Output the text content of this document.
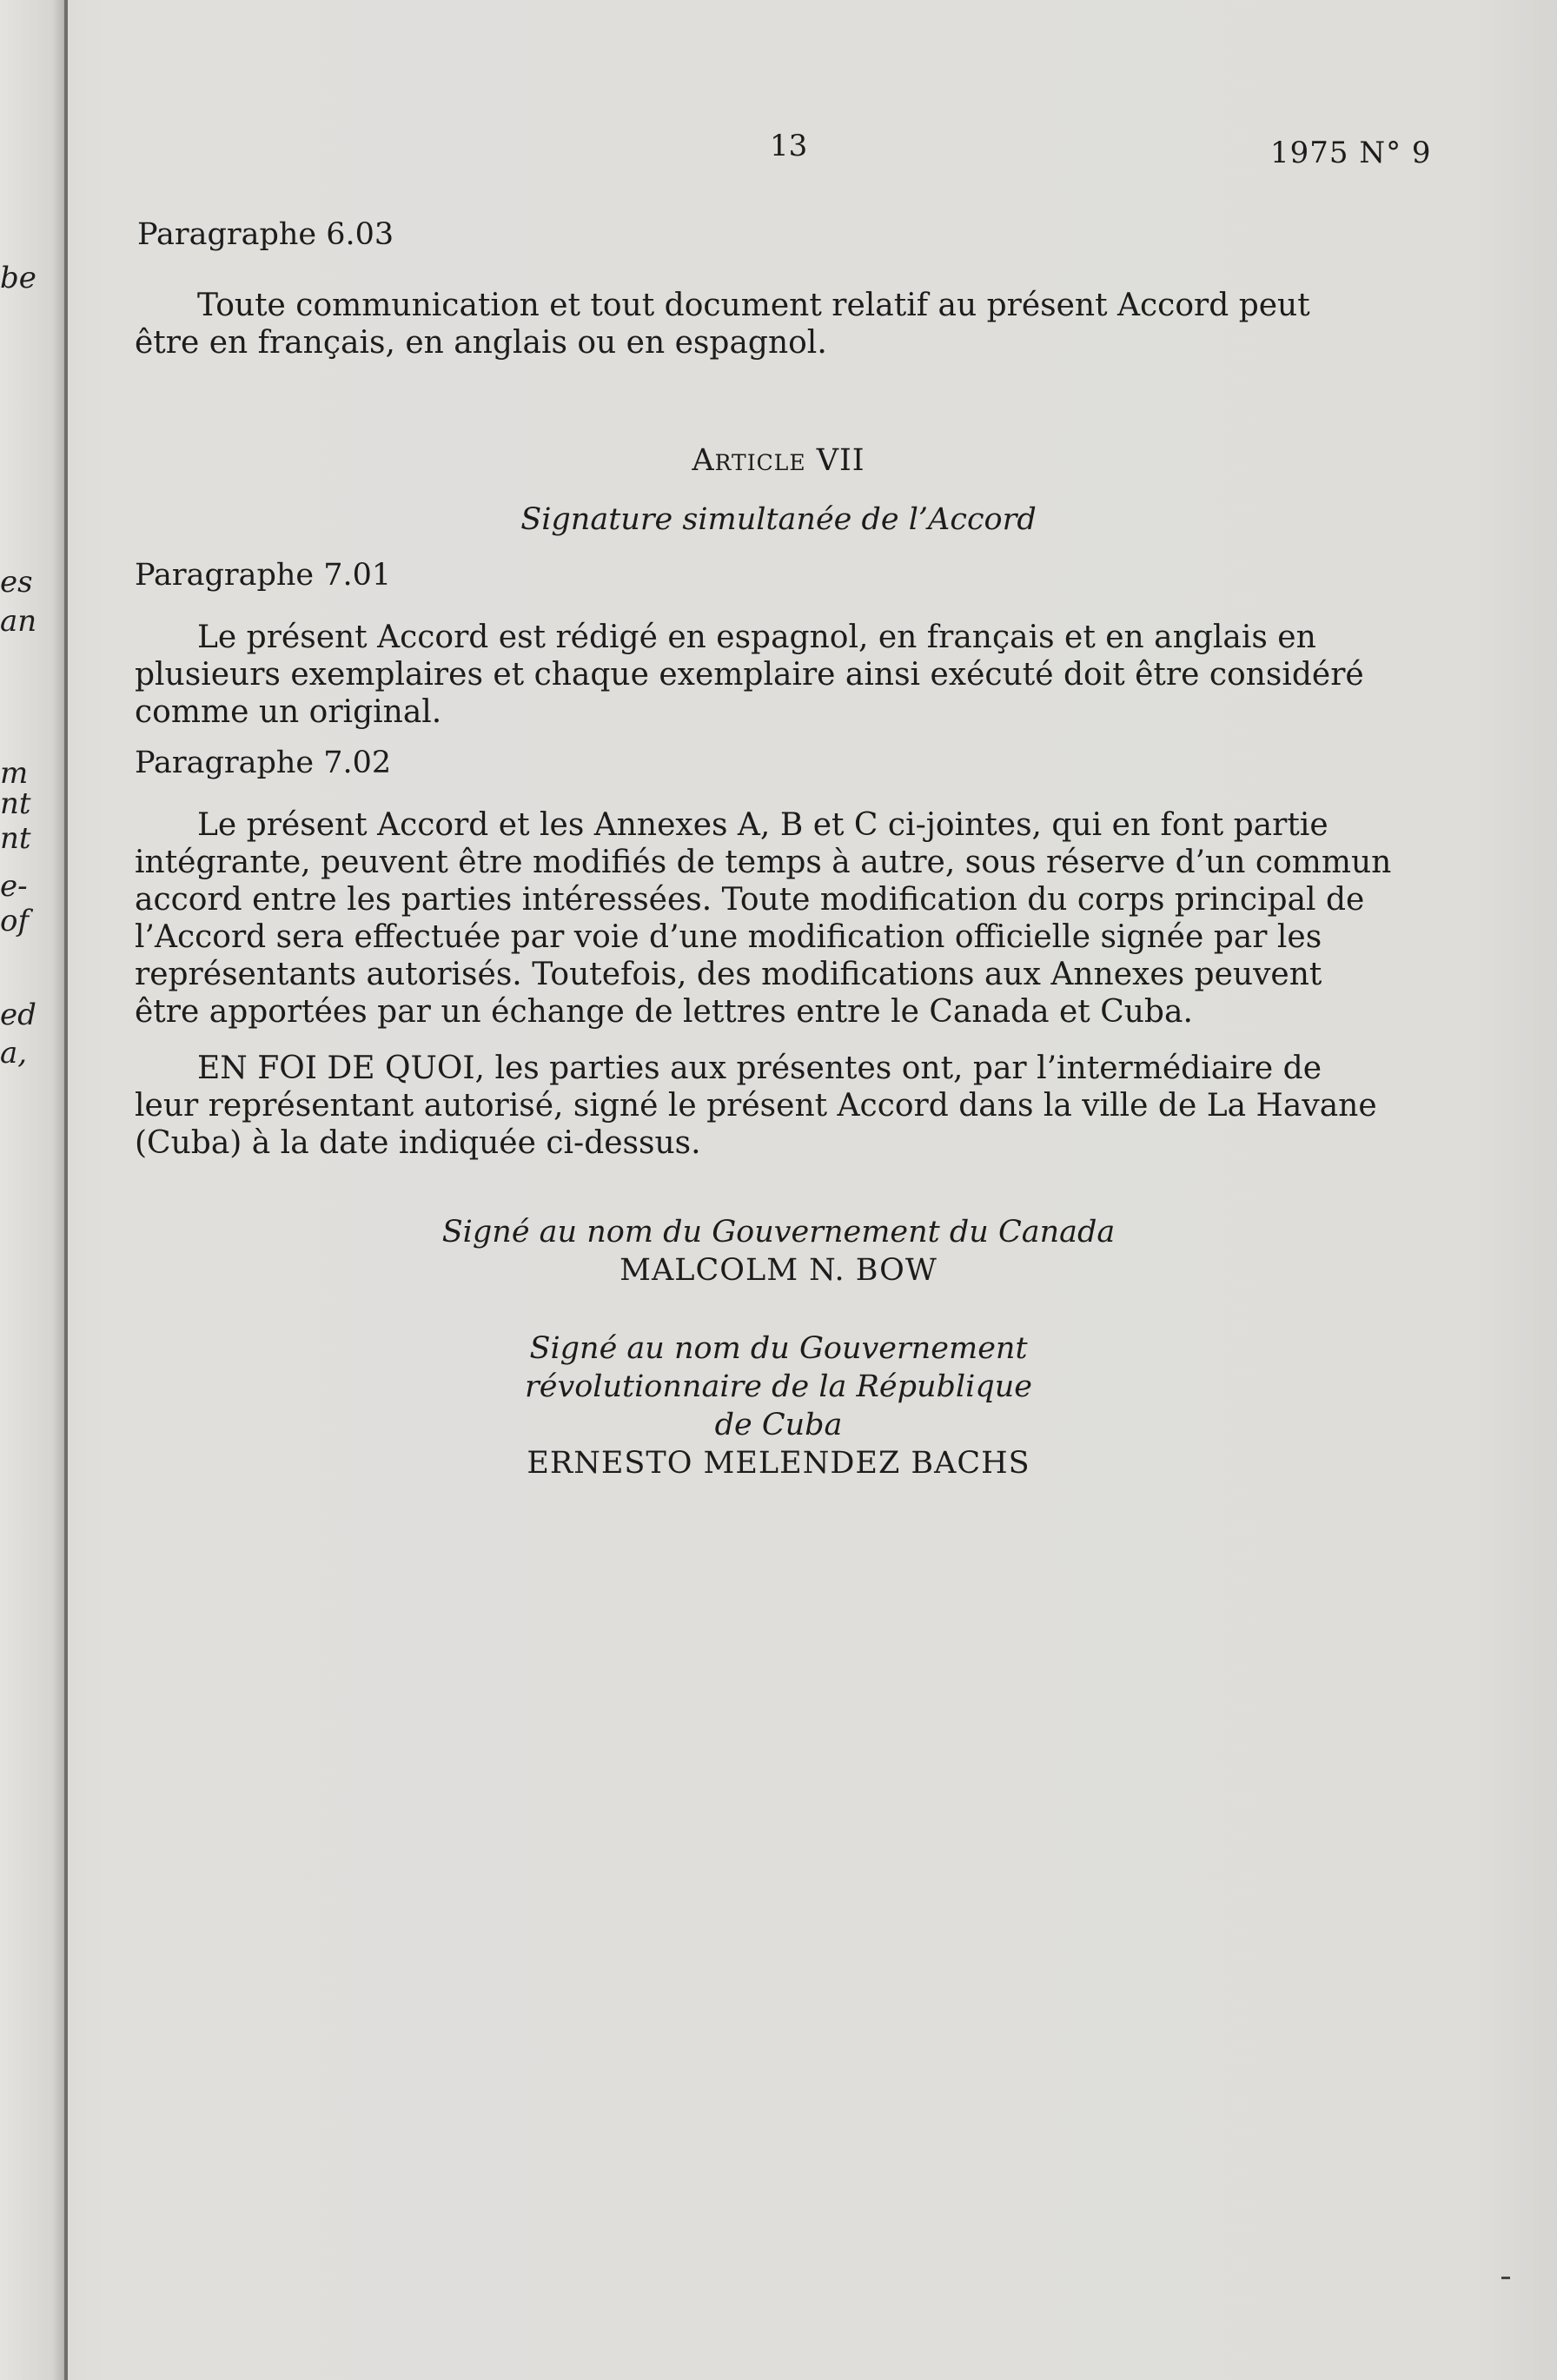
be
es
an
m
nt
nt
e-
of
ed
a,
13	1975 N° 9
Paragraphe 6.03
Toute communication et tout document relatif au présent Accord peut
être en français, en anglais ou en espagnol.
Article VII
Signature simultanée de l’Accord
Paragraphe 7.01
Le présent Accord est rédigé en espagnol, en français et en anglais en
plusieurs exemplaires et chaque exemplaire ainsi exécuté doit être considéré
comme un original.
Paragraphe 7.02
Le présent Accord et les Annexes A, B et C ci-jointes, qui en font partie
intégrante, peuvent être modifiés de temps à autre, sous réserve d’un commun
accord entre les parties intéressées. Toute modification du corps principal de
l’Accord sera effectuée par voie d’une modification officielle signée par les
représentants autorisés. Toutefois, des modifications aux Annexes peuvent
être apportées par un échange de lettres entre le Canada et Cuba.
EN FOI DE QUOI, les parties aux présentes ont, par l’intermédiaire de
leur représentant autorisé, signé le présent Accord dans la ville de La Havane
(Cuba) à la date indiquée ci-dessus.
Signé au nom du Gouvernement du Canada
MALCOLM N. BOW
Signé au nom du Gouvernement
révolutionnaire de la République
de Cuba
ERNESTO MELENDEZ BACHS
